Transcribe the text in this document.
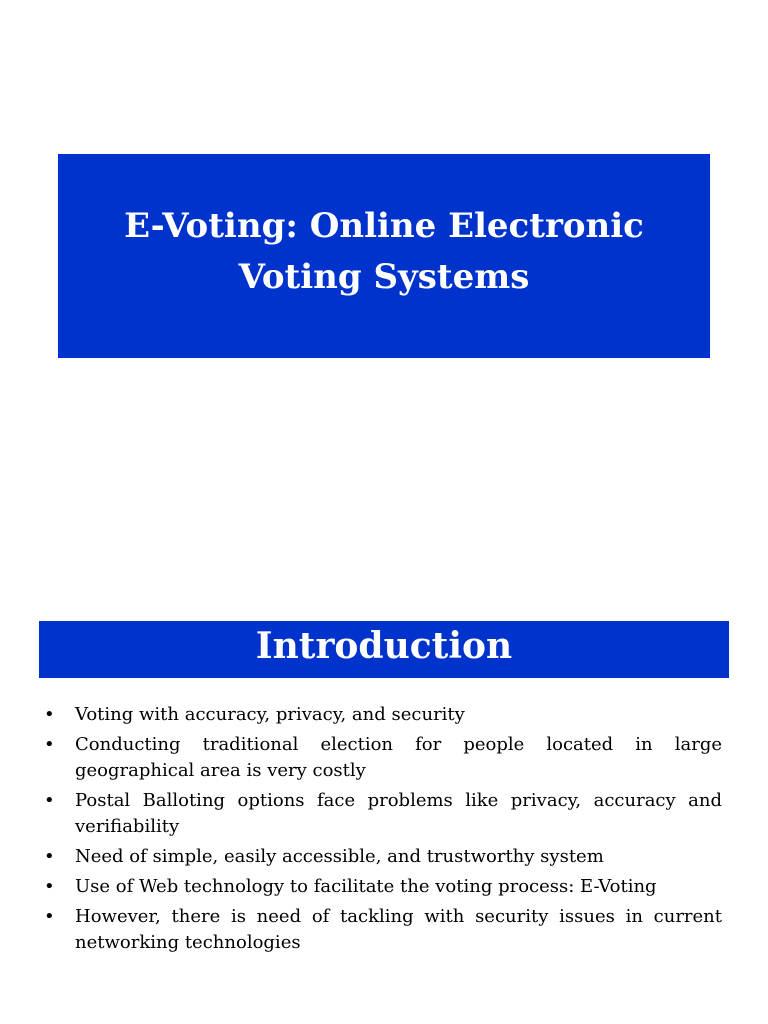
E-Voting: Online Electronic Voting Systems
Introduction
• Voting with accuracy, privacy, and security
• Conducting traditional election for people located in large geographical area is very costly
• Postal Balloting options face problems like privacy, accuracy and verifiability
• Need of simple, easily accessible, and trustworthy system
• Use of Web technology to facilitate the voting process: E-Voting
• However, there is need of tackling with security issues in current networking technologies
